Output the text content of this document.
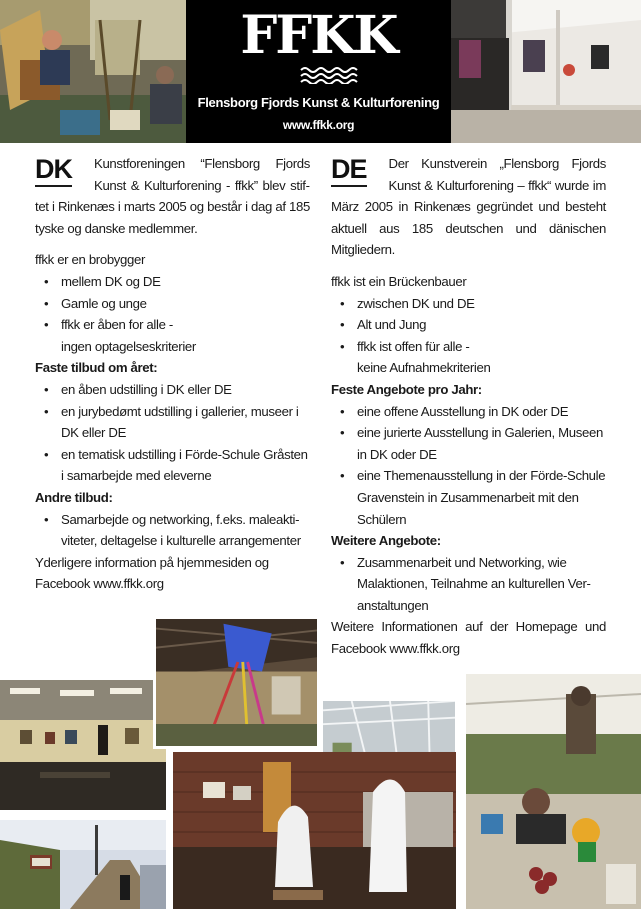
FFKK
Flensborg Fjords Kunst & Kulturforening
www.ffkk.org
DK	Kunstforeningen “Flensborg Fjords Kunst & Kulturforening - ffkk” blev stiftet i Rinkenæs i marts 2005 og består i dag af 185 tyske og danske medlemmer.

ffkk er en brobygger

• mellem DK og DE

• Gamle og unge

• ffkk er åben for alle -

ingen optagelseskriterier

Faste tilbud om året:

• en åben udstilling i DK eller DE

• en jurybedømt udstilling i gallerier, museer i DK eller DE

• en tematisk udstilling i Förde-Schule Gråsten i samarbejde med eleverne

Andre tilbud:

• Samarbejde og networking, f.eks. maleaktiviteter, deltagelse i kulturelle arrangementer

Yderligere information på hjemmesiden og Facebook www.ffkk.org

DE	Der Kunstverein „Flensborg Fjords Kunst & Kulturforening – ffkk“ wurde im März 2005 in Rinkenæs gegründet und besteht aktuell aus 185 deutschen und dänischen Mitgliedern.

ffkk ist ein Brückenbauer

• zwischen DK und DE

• Alt und Jung

• ffkk ist offen für alle -

keine Aufnahmekriterien

Feste Angebote pro Jahr:

• eine offene Ausstellung in DK oder DE

• eine jurierte Ausstellung in Galerien, Museen in DK oder DE

• eine Themenausstellung in der Förde-Schule Gravenstein in Zusammenarbeit mit den Schülern

Weitere Angebote:

• Zusammenarbeit und Networking, wie Malaktionen, Teilnahme an kulturellen Veranstaltungen

Weitere Informationen auf der Homepage und Facebook www.ffkk.org
